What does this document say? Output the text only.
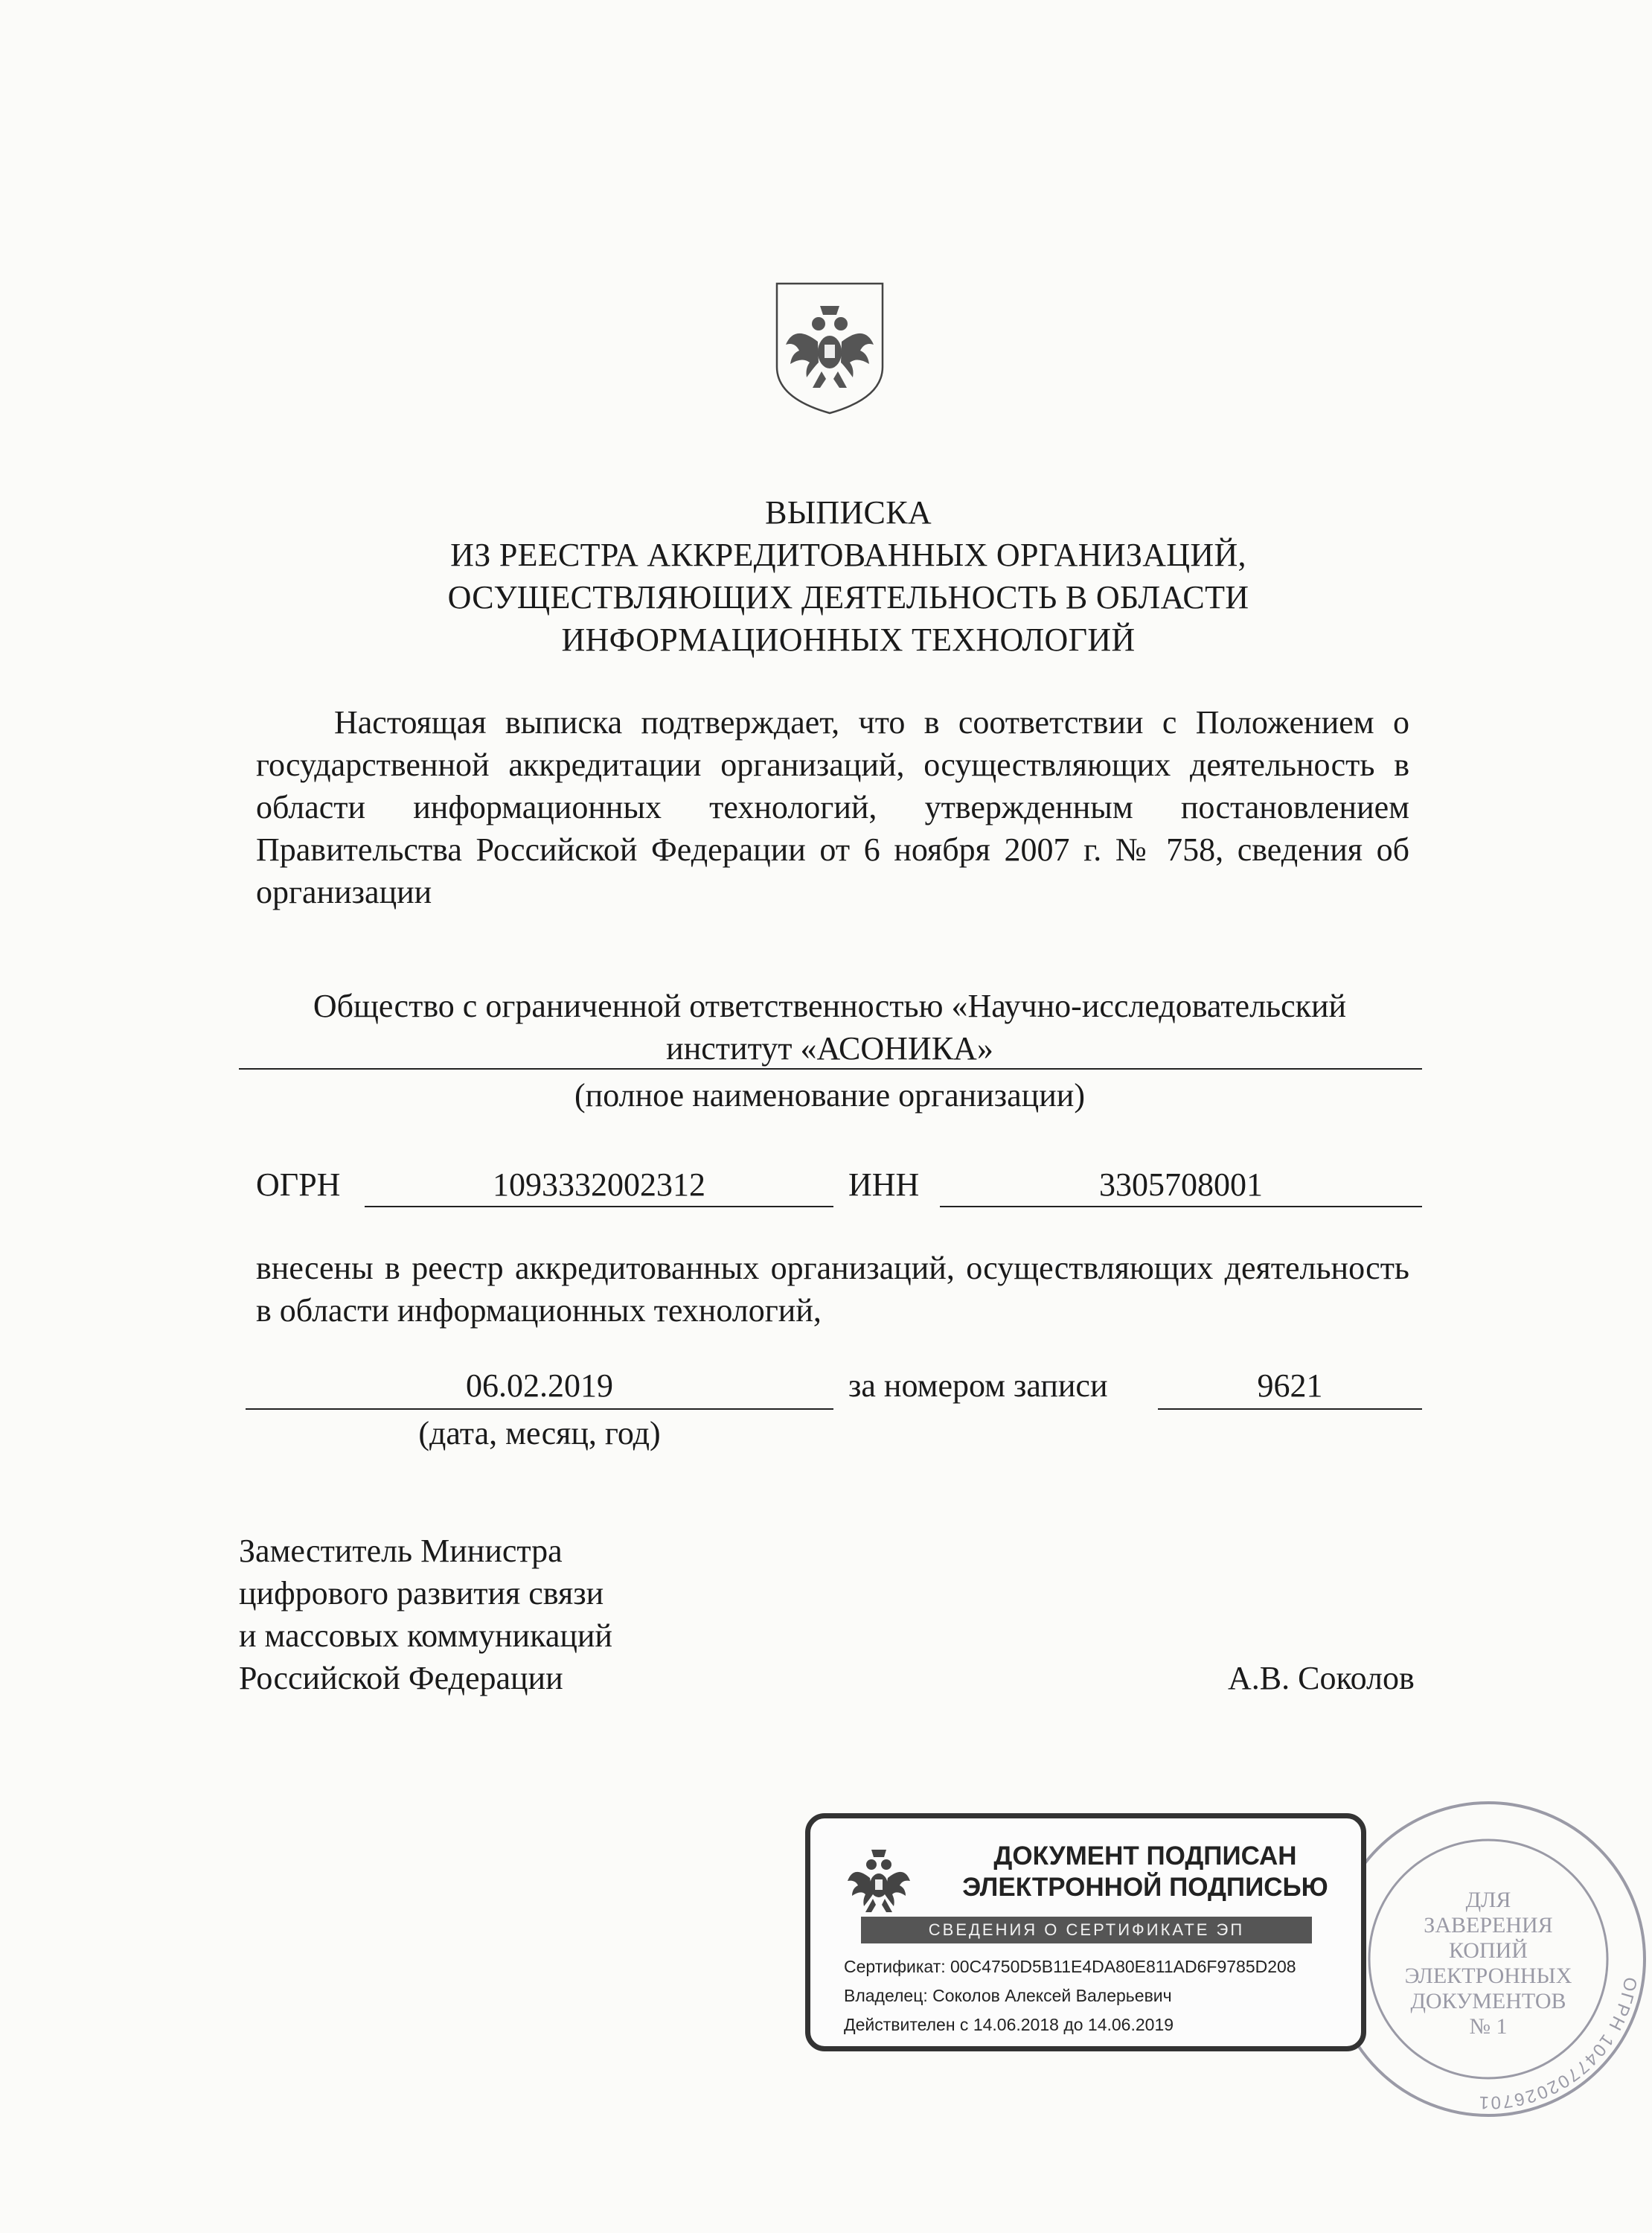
ВЫПИСКА
ИЗ РЕЕСТРА АККРЕДИТОВАННЫХ ОРГАНИЗАЦИЙ,
ОСУЩЕСТВЛЯЮЩИХ ДЕЯТЕЛЬНОСТЬ В ОБЛАСТИ
ИНФОРМАЦИОННЫХ ТЕХНОЛОГИЙ
Настоящая выписка подтверждает, что в соответствии с Положением о государственной аккредитации организаций, осуществляющих деятельность в области информационных технологий, утвержденным постановлением Правительства Российской Федерации от 6 ноября 2007 г. № 758, сведения об организации
Общество с ограниченной ответственностью «Научно-исследовательский
институт «АСОНИКА»
(полное наименование организации)
ОГРН	1093332002312	ИНН	3305708001
внесены в реестр аккредитованных организаций, осуществляющих деятельность в области информационных технологий,
06.02.2019
(дата, месяц, год)
за номером записи	9621
Заместитель Министра
цифрового развития связи
и массовых коммуникаций
Российской Федерации	А.В. Соколов
ОГРН 1047702026701
ДЛЯ
ЗАВЕРЕНИЯ
КОПИЙ
ЭЛЕКТРОННЫХ
ДОКУМЕНТОВ
№ 1
ДОКУМЕНТ ПОДПИСАН
ЭЛЕКТРОННОЙ ПОДПИСЬЮ
СВЕДЕНИЯ О СЕРТИФИКАТЕ ЭП
Сертификат: 00C4750D5B11E4DA80E811AD6F9785D208
Владелец: Соколов Алексей Валерьевич
Действителен с 14.06.2018 до 14.06.2019
